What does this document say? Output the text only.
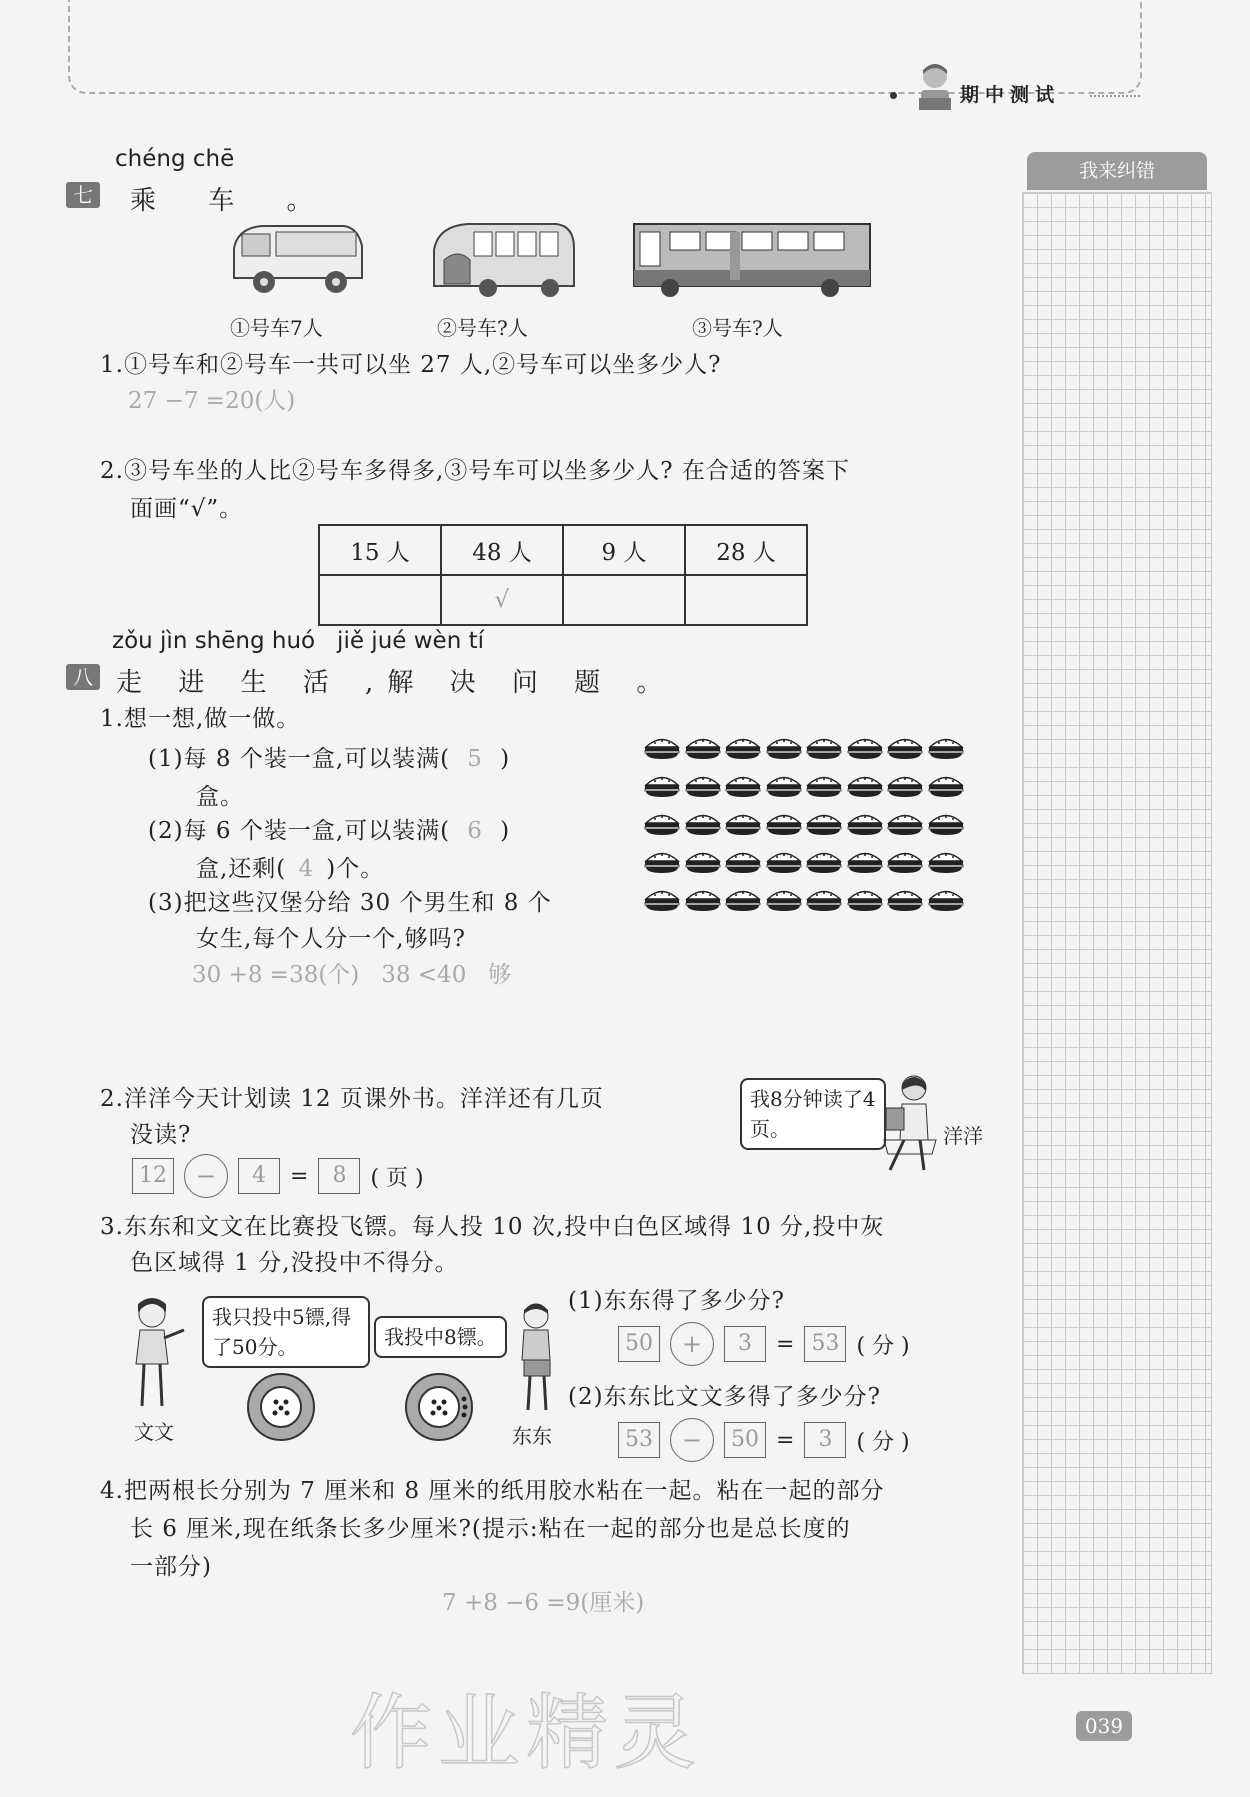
期中测试
我来纠错
chéng chē
七 乘 车 。
①号车7人	②号车?人	③号车?人
1.①号车和②号车一共可以坐 27 人,②号车可以坐多少人?
27 −7 =20(人)
2.③号车坐的人比②号车多得多,③号车可以坐多少人? 在合适的答案下
面画“√”。
15 人	48 人	9 人	28 人
	√		
zǒu jìn shēng huó   jiě jué wèn tí
八 走 进 生 活 ,解 决 问 题 。
1.想一想,做一做。
(1)每 8 个装一盒,可以装满( 5 )
盒。
(2)每 6 个装一盒,可以装满( 6 )
盒,还剩( 4 )个。
(3)把这些汉堡分给 30 个男生和 8 个
女生,每个人分一个,够吗?
30 +8 =38(个)   38 <40   够
2.洋洋今天计划读 12 页课外书。洋洋还有几页
没读?
我8分钟读了4页。	洋洋
12	−	4	=	8	( 页 )
3.东东和文文在比赛投飞镖。每人投 10 次,投中白色区域得 10 分,投中灰
色区域得 1 分,没投中不得分。
文文
我只投中5镖,得了50分。	我投中8镖。
东东
(1)东东得了多少分?
50	+	3	= 53 ( 分 )
(2)东东比文文多得了多少分?
53	−	50 =	3	( 分 )
4.把两根长分别为 7 厘米和 8 厘米的纸用胶水粘在一起。粘在一起的部分
长 6 厘米,现在纸条长多少厘米?(提示:粘在一起的部分也是总长度的
一部分)
7 +8 −6 =9(厘米)
作业精灵	039
